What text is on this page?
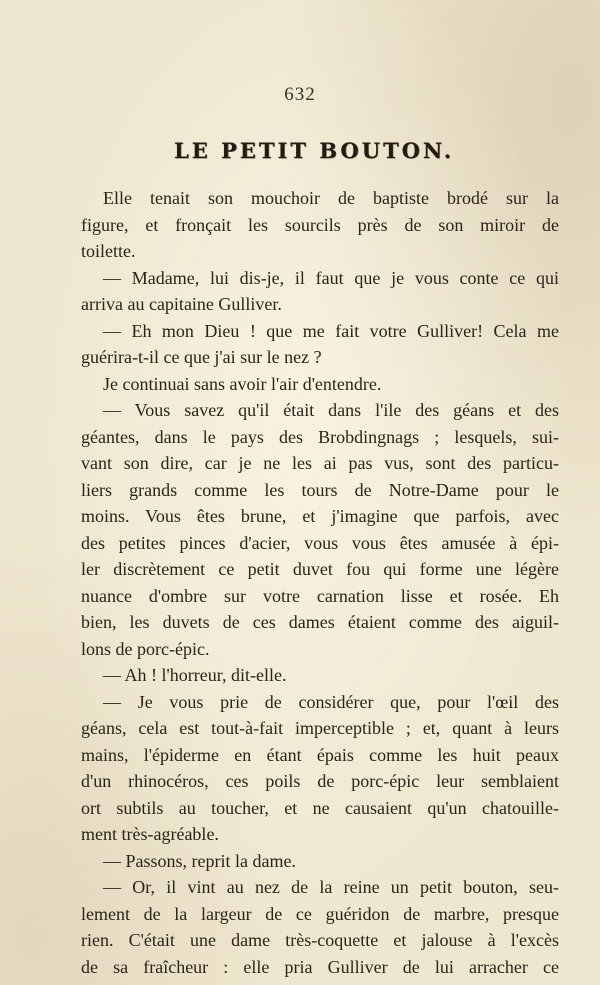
632
LE PETIT BOUTON.
Elle tenait son mouchoir de baptiste brodé sur la
figure, et fronçait les sourcils près de son miroir de
toilette.
— Madame, lui dis-je, il faut que je vous conte ce qui
arriva au capitaine Gulliver.
— Eh mon Dieu ! que me fait votre Gulliver! Cela me
guérira-t-il ce que j'ai sur le nez ?
Je continuai sans avoir l'air d'entendre.
— Vous savez qu'il était dans l'ile des géans et des
géantes, dans le pays des Brobdingnags ; lesquels, sui-
vant son dire, car je ne les ai pas vus, sont des particu-
liers grands comme les tours de Notre-Dame pour le
moins. Vous êtes brune, et j'imagine que parfois, avec
des petites pinces d'acier, vous vous êtes amusée à épi-
ler discrètement ce petit duvet fou qui forme une légère
nuance d'ombre sur votre carnation lisse et rosée. Eh
bien, les duvets de ces dames étaient comme des aiguil-
lons de porc-épic.
— Ah ! l'horreur, dit-elle.
— Je vous prie de considérer que, pour l'œil des
géans, cela est tout-à-fait imperceptible ; et, quant à leurs
mains, l'épiderme en étant épais comme les huit peaux
d'un rhinocéros, ces poils de porc-épic leur semblaient
ort subtils au toucher, et ne causaient qu'un chatouille-
ment très-agréable.
— Passons, reprit la dame.
— Or, il vint au nez de la reine un petit bouton, seu-
lement de la largeur de ce guéridon de marbre, presque
rien. C'était une dame très-coquette et jalouse à l'excès
de sa fraîcheur : elle pria Gulliver de lui arracher ce
